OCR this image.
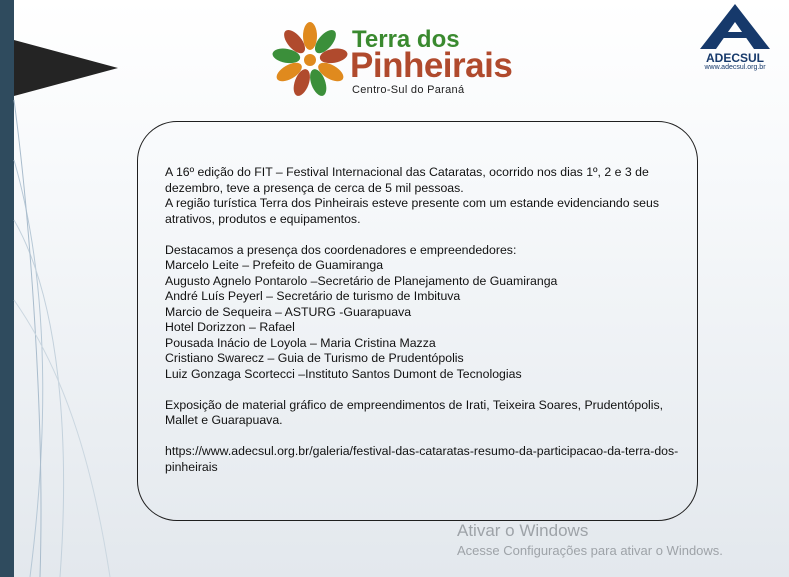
Terra dos
Pinheirais
Centro-Sul do Paraná
ADECSUL
www.adecsul.org.br

A 16º edição do FIT – Festival Internacional das Cataratas, ocorrido nos dias 1º, 2 e 3 de dezembro, teve a presença de cerca de 5 mil pessoas.

A região turística Terra dos Pinheirais esteve presente com um estande evidenciando seus atrativos, produtos e equipamentos.

Destacamos a presença dos coordenadores e empreendedores:

Marcelo Leite – Prefeito de Guamiranga

Augusto Agnelo Pontarolo –Secretário de Planejamento de Guamiranga

André Luís Peyerl – Secretário de turismo de Imbituva

Marcio de Sequeira – ASTURG -Guarapuava

Hotel Dorizzon – Rafael

Pousada Inácio de Loyola – Maria Cristina Mazza

Cristiano Swarecz – Guia de Turismo de Prudentópolis

Luiz Gonzaga Scortecci –Instituto Santos Dumont de Tecnologias

Exposição de material gráfico de empreendimentos de Irati, Teixeira Soares, Prudentópolis, Mallet e Guarapuava.

https://www.adecsul.org.br/galeria/festival-das-cataratas-resumo-da-participacao-da-terra-dos-pinheirais

Ativar o Windows
Acesse Configurações para ativar o Windows.
